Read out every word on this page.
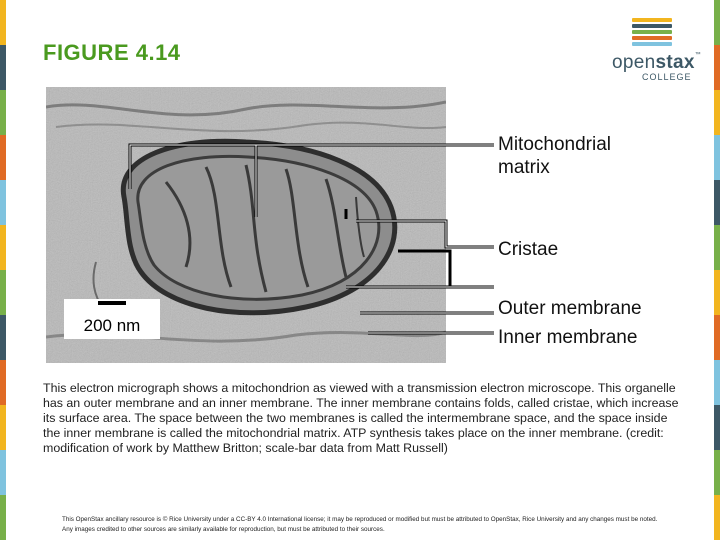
FIGURE 4.14	openstax™
COLLEGE
200 nm
Mitochondrial
matrix
Cristae
Outer membrane
Inner membrane
This electron micrograph shows a mitochondrion as viewed with a transmission electron microscope. This organelle has an outer membrane and an inner membrane. The inner membrane contains folds, called cristae, which increase its surface area. The space between the two membranes is called the intermembrane space, and the space inside the inner membrane is called the mitochondrial matrix. ATP synthesis takes place on the inner membrane. (credit: modification of work by Matthew Britton; scale-bar data from Matt Russell)
This OpenStax ancillary resource is © Rice University under a CC-BY 4.0 International license; it may be reproduced or modified but must be attributed to OpenStax, Rice University and any changes must be noted. Any images credited to other sources are similarly available for reproduction, but must be attributed to their sources.
